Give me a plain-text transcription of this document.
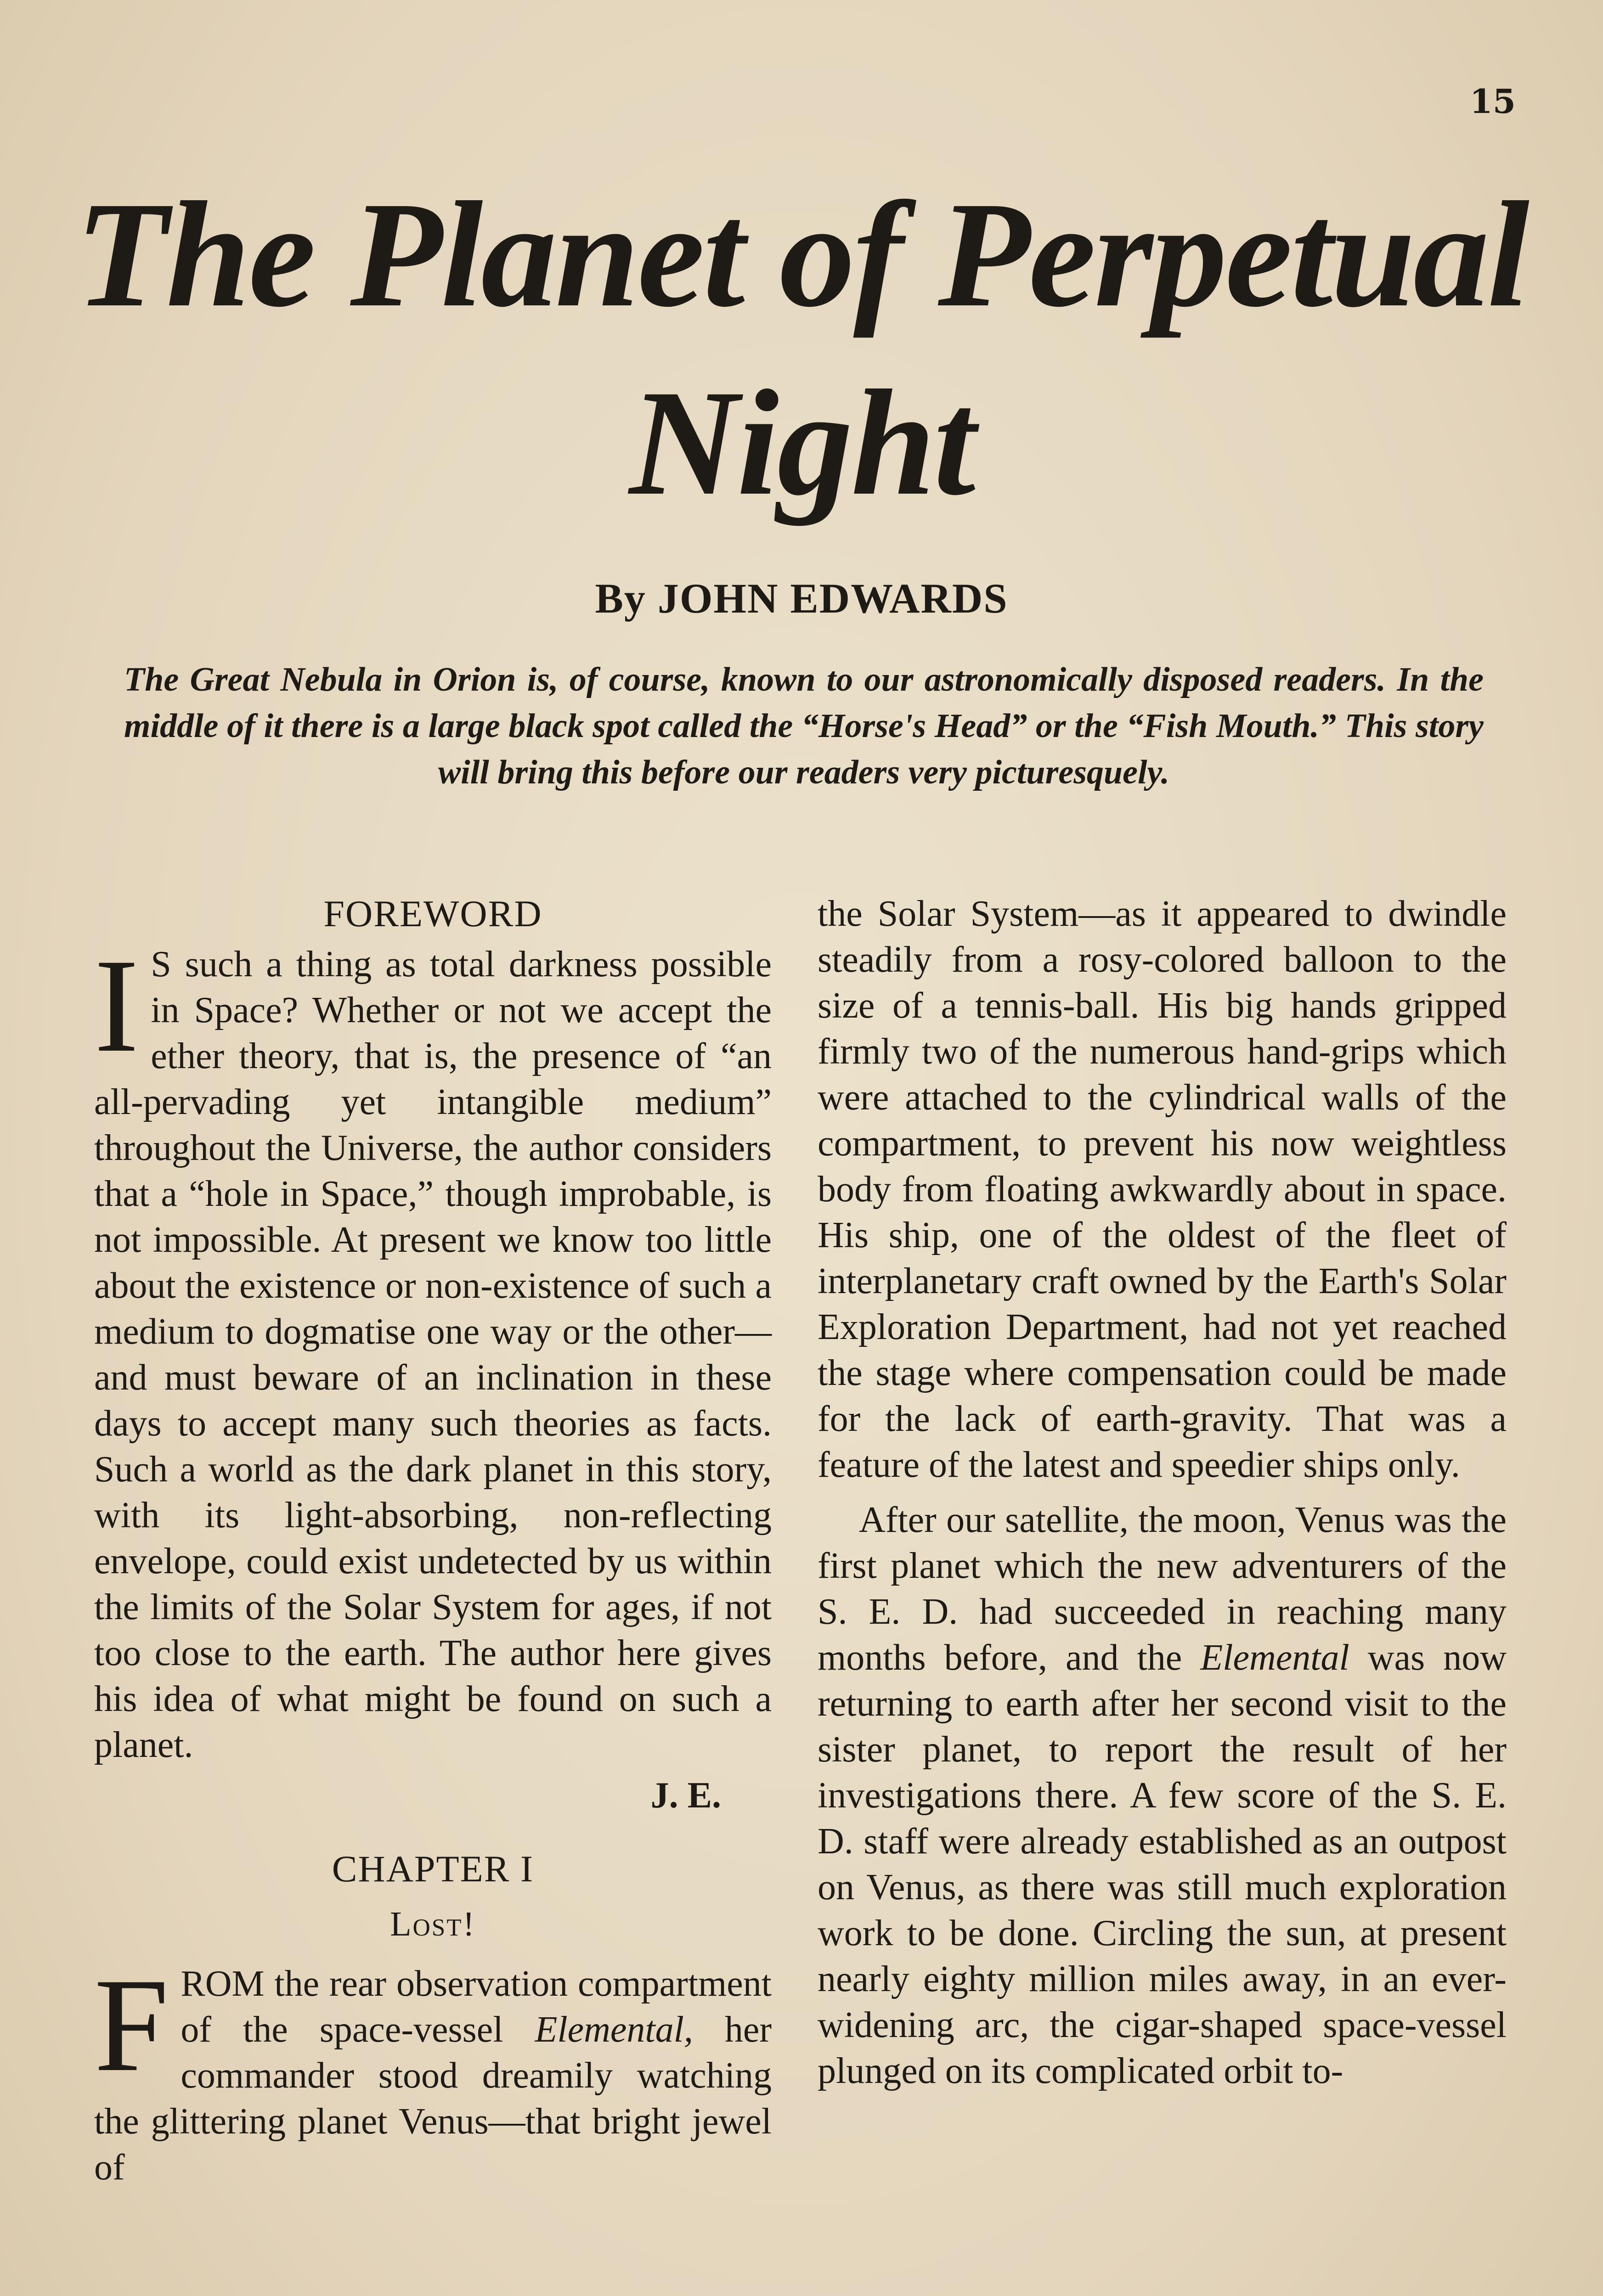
15
The Planet of Perpetual
Night
By JOHN EDWARDS
The Great Nebula in Orion is, of course, known to our astronomically disposed readers. In the middle of it there is a large black spot called the “Horse's Head” or the “Fish Mouth.” This story will bring this before our readers very picturesquely.
FOREWORD

I S such a thing as total darkness possible in Space? Whether or not we accept the ether theory, that is, the presence of “an all-pervading yet intangible medium” throughout the Universe, the author considers that a “hole in Space,” though improbable, is not impossible. At present we know too little about the existence or non-existence of such a medium to dogmatise one way or the other—and must beware of an inclination in these days to accept many such theories as facts. Such a world as the dark planet in this story, with its light-absorbing, non-reflecting envelope, could exist undetected by us within the limits of the Solar System for ages, if not too close to the earth. The author here gives his idea of what might be found on such a planet.

J. E.
CHAPTER I
Lost!

FROM the rear observation compartment of the space-vessel Elemental, her commander stood dreamily watching the glittering planet Venus—that bright jewel of

the Solar System—as it appeared to dwindle steadily from a rosy-colored balloon to the size of a tennis-ball. His big hands gripped firmly two of the numerous hand-grips which were attached to the cylindrical walls of the compartment, to prevent his now weightless body from floating awkwardly about in space. His ship, one of the oldest of the fleet of interplanetary craft owned by the Earth's Solar Exploration Department, had not yet reached the stage where compensation could be made for the lack of earth-gravity. That was a feature of the latest and speedier ships only.

After our satellite, the moon, Venus was the first planet which the new adventurers of the S. E. D. had succeeded in reaching many months before, and the Elemental was now returning to earth after her second visit to the sister planet, to report the result of her investigations there. A few score of the S. E. D. staff were already established as an outpost on Venus, as there was still much exploration work to be done. Circling the sun, at present nearly eighty million miles away, in an ever-widening arc, the cigar-shaped space-vessel plunged on its complicated orbit to-
